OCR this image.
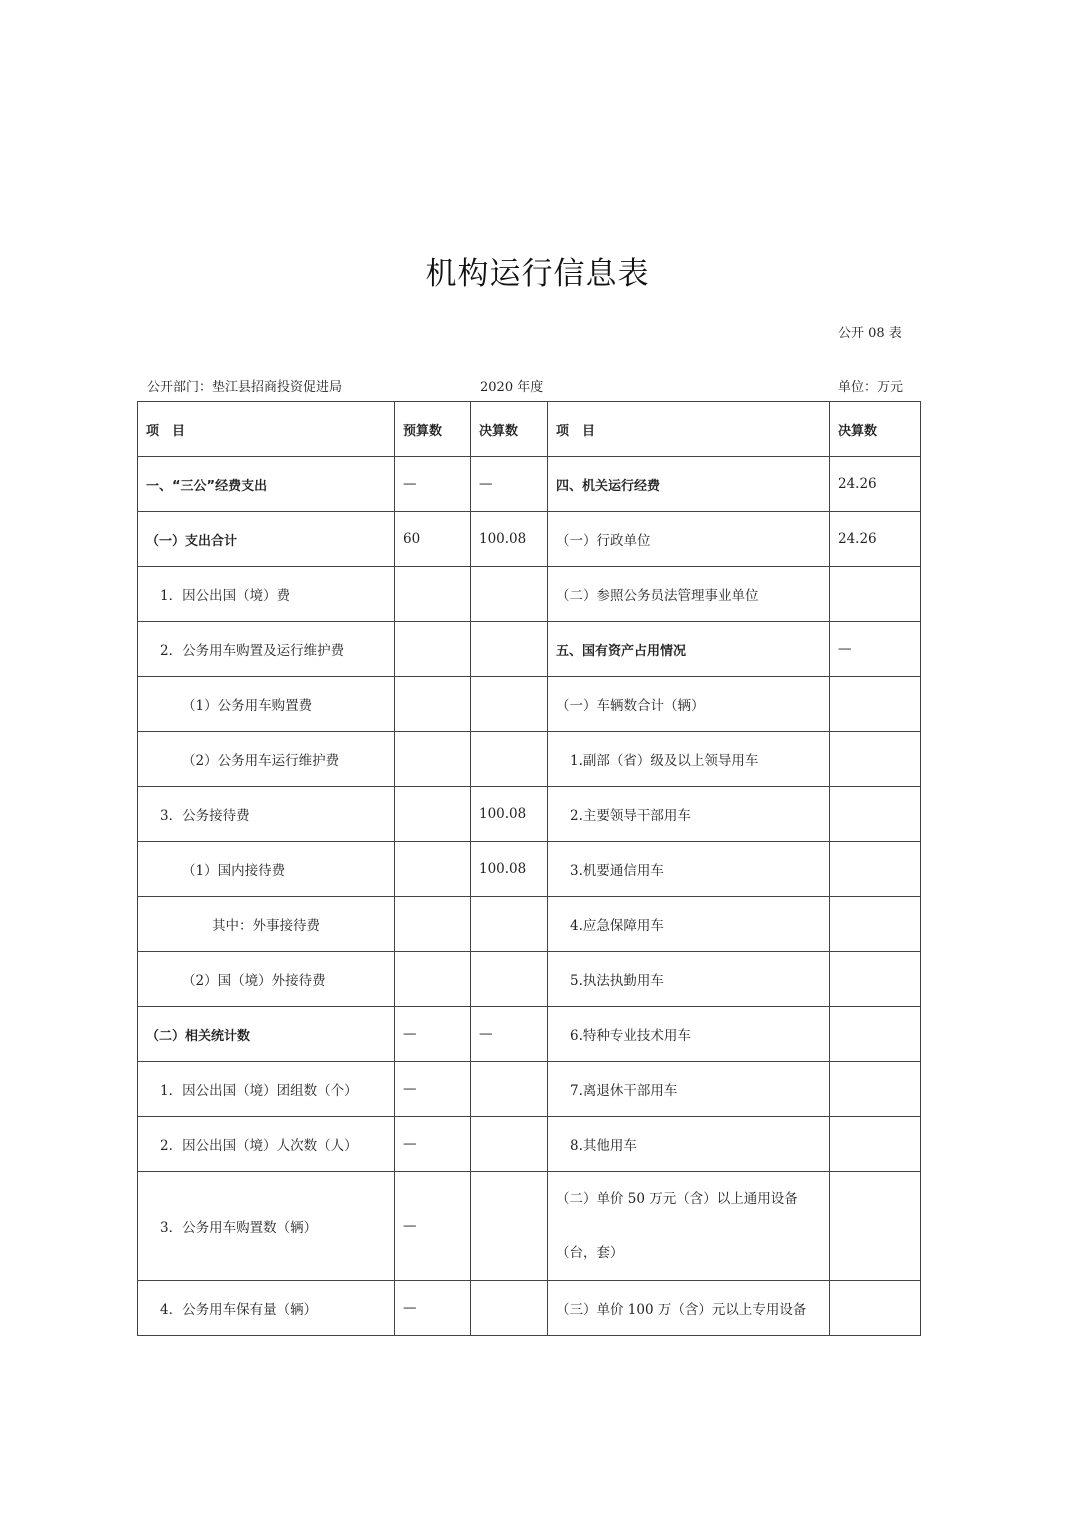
机构运行信息表
公开 08 表
公开部门：垫江县招商投资促进局	2020 年度	单位：万元
项　目	预算数	决算数	项　目	决算数
一、“三公”经费支出	—	—	四、机关运行经费	24.26
（一）支出合计	60	100.08	（一）行政单位	24.26
1．因公出国（境）费			（二）参照公务员法管理事业单位	
2．公务用车购置及运行维护费			五、国有资产占用情况	—
（1）公务用车购置费			（一）车辆数合计（辆）	
（2）公务用车运行维护费			1.副部（省）级及以上领导用车	
3．公务接待费		100.08	2.主要领导干部用车	
（1）国内接待费		100.08	3.机要通信用车	
其中：外事接待费			4.应急保障用车	
（2）国（境）外接待费			5.执法执勤用车	
（二）相关统计数	—	—	6.特种专业技术用车	
1．因公出国（境）团组数（个）	—		7.离退休干部用车	
2．因公出国（境）人次数（人）	—		8.其他用车	
3．公务用车购置数（辆）	—		（二）单价 50 万元（含）以上通用设备
（台，套）	

4．公务用车保有量（辆）	—		（三）单价 100 万（含）元以上专用设备	
